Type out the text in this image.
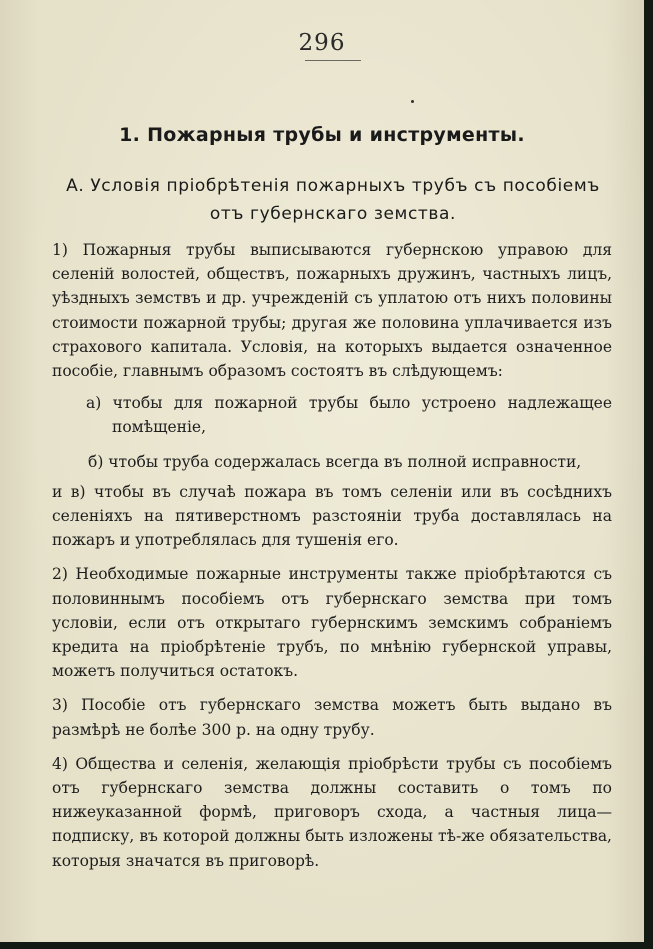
296
1. Пожарныя трубы и инструменты.
А. Условія пріобрѣтенія пожарныхъ трубъ съ пособіемъ
отъ губернскаго земства.

1) Пожарныя трубы выписываются губернскою управою для селеній волостей, обществъ, пожарныхъ дружинъ, частныхъ лицъ, уѣздныхъ земствъ и др. учрежденій съ уплатою отъ нихъ половины стоимости пожарной трубы; другая же половина уплачивается изъ страхового капитала. Условія, на которыхъ выдается означенное пособіе, главнымъ образомъ состоятъ въ слѣдующемъ:

а) чтобы для пожарной трубы было устроено надлежащее помѣщеніе,

б) чтобы труба содержалась всегда въ полной исправности,

и в) чтобы въ случаѣ пожара въ томъ селеніи или въ сосѣднихъ селеніяхъ на пятиверстномъ разстояніи труба доставлялась на пожаръ и употреблялась для тушенія его.

2) Необходимые пожарные инструменты также пріобрѣтаются съ половиннымъ пособіемъ отъ губернскаго земства при томъ условіи, если отъ открытаго губернскимъ земскимъ собраніемъ кредита на пріобрѣтеніе трубъ, по мнѣнію губернской управы, можетъ получиться остатокъ.

3) Пособіе отъ губернскаго земства можетъ быть выдано въ размѣрѣ не болѣе 300 р. на одну трубу.

4) Общества и селенія, желающія пріобрѣсти трубы съ пособіемъ отъ губернскаго земства должны составить о томъ по нижеуказанной формѣ, приговоръ схода, а частныя лица— подписку, въ которой должны быть изложены тѣ-же обязательства, которыя значатся въ приговорѣ.
